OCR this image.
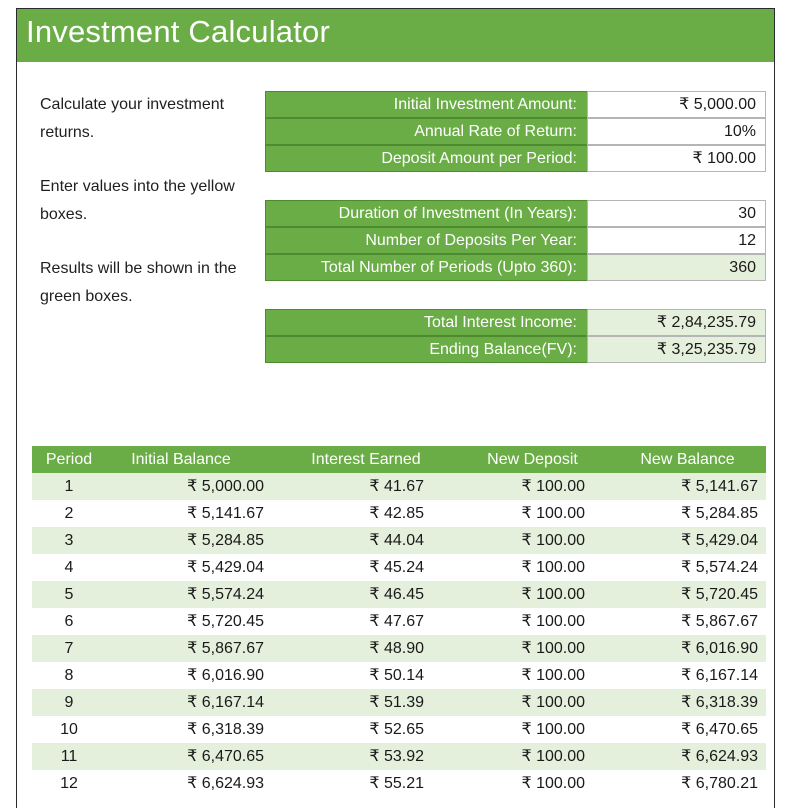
Investment Calculator
Calculate your investment
returns.
Enter values into the yellow
boxes.
Results will be shown in the
green boxes.
Initial Investment Amount:	₹ 5,000.00
Annual Rate of Return:	10%
Deposit Amount per Period:	₹ 100.00
Duration of Investment (In Years):	30
Number of Deposits Per Year:	12
Total Number of Periods (Upto 360):	360
Total Interest Income:	₹ 2,84,235.79
Ending Balance(FV):	₹ 3,25,235.79
Period	Initial Balance	Interest Earned	New Deposit	New Balance
1	₹ 5,000.00	₹ 41.67	₹ 100.00	₹ 5,141.67
2	₹ 5,141.67	₹ 42.85	₹ 100.00	₹ 5,284.85
3	₹ 5,284.85	₹ 44.04	₹ 100.00	₹ 5,429.04
4	₹ 5,429.04	₹ 45.24	₹ 100.00	₹ 5,574.24
5	₹ 5,574.24	₹ 46.45	₹ 100.00	₹ 5,720.45
6	₹ 5,720.45	₹ 47.67	₹ 100.00	₹ 5,867.67
7	₹ 5,867.67	₹ 48.90	₹ 100.00	₹ 6,016.90
8	₹ 6,016.90	₹ 50.14	₹ 100.00	₹ 6,167.14
9	₹ 6,167.14	₹ 51.39	₹ 100.00	₹ 6,318.39
10	₹ 6,318.39	₹ 52.65	₹ 100.00	₹ 6,470.65
11	₹ 6,470.65	₹ 53.92	₹ 100.00	₹ 6,624.93
12	₹ 6,624.93	₹ 55.21	₹ 100.00	₹ 6,780.21
